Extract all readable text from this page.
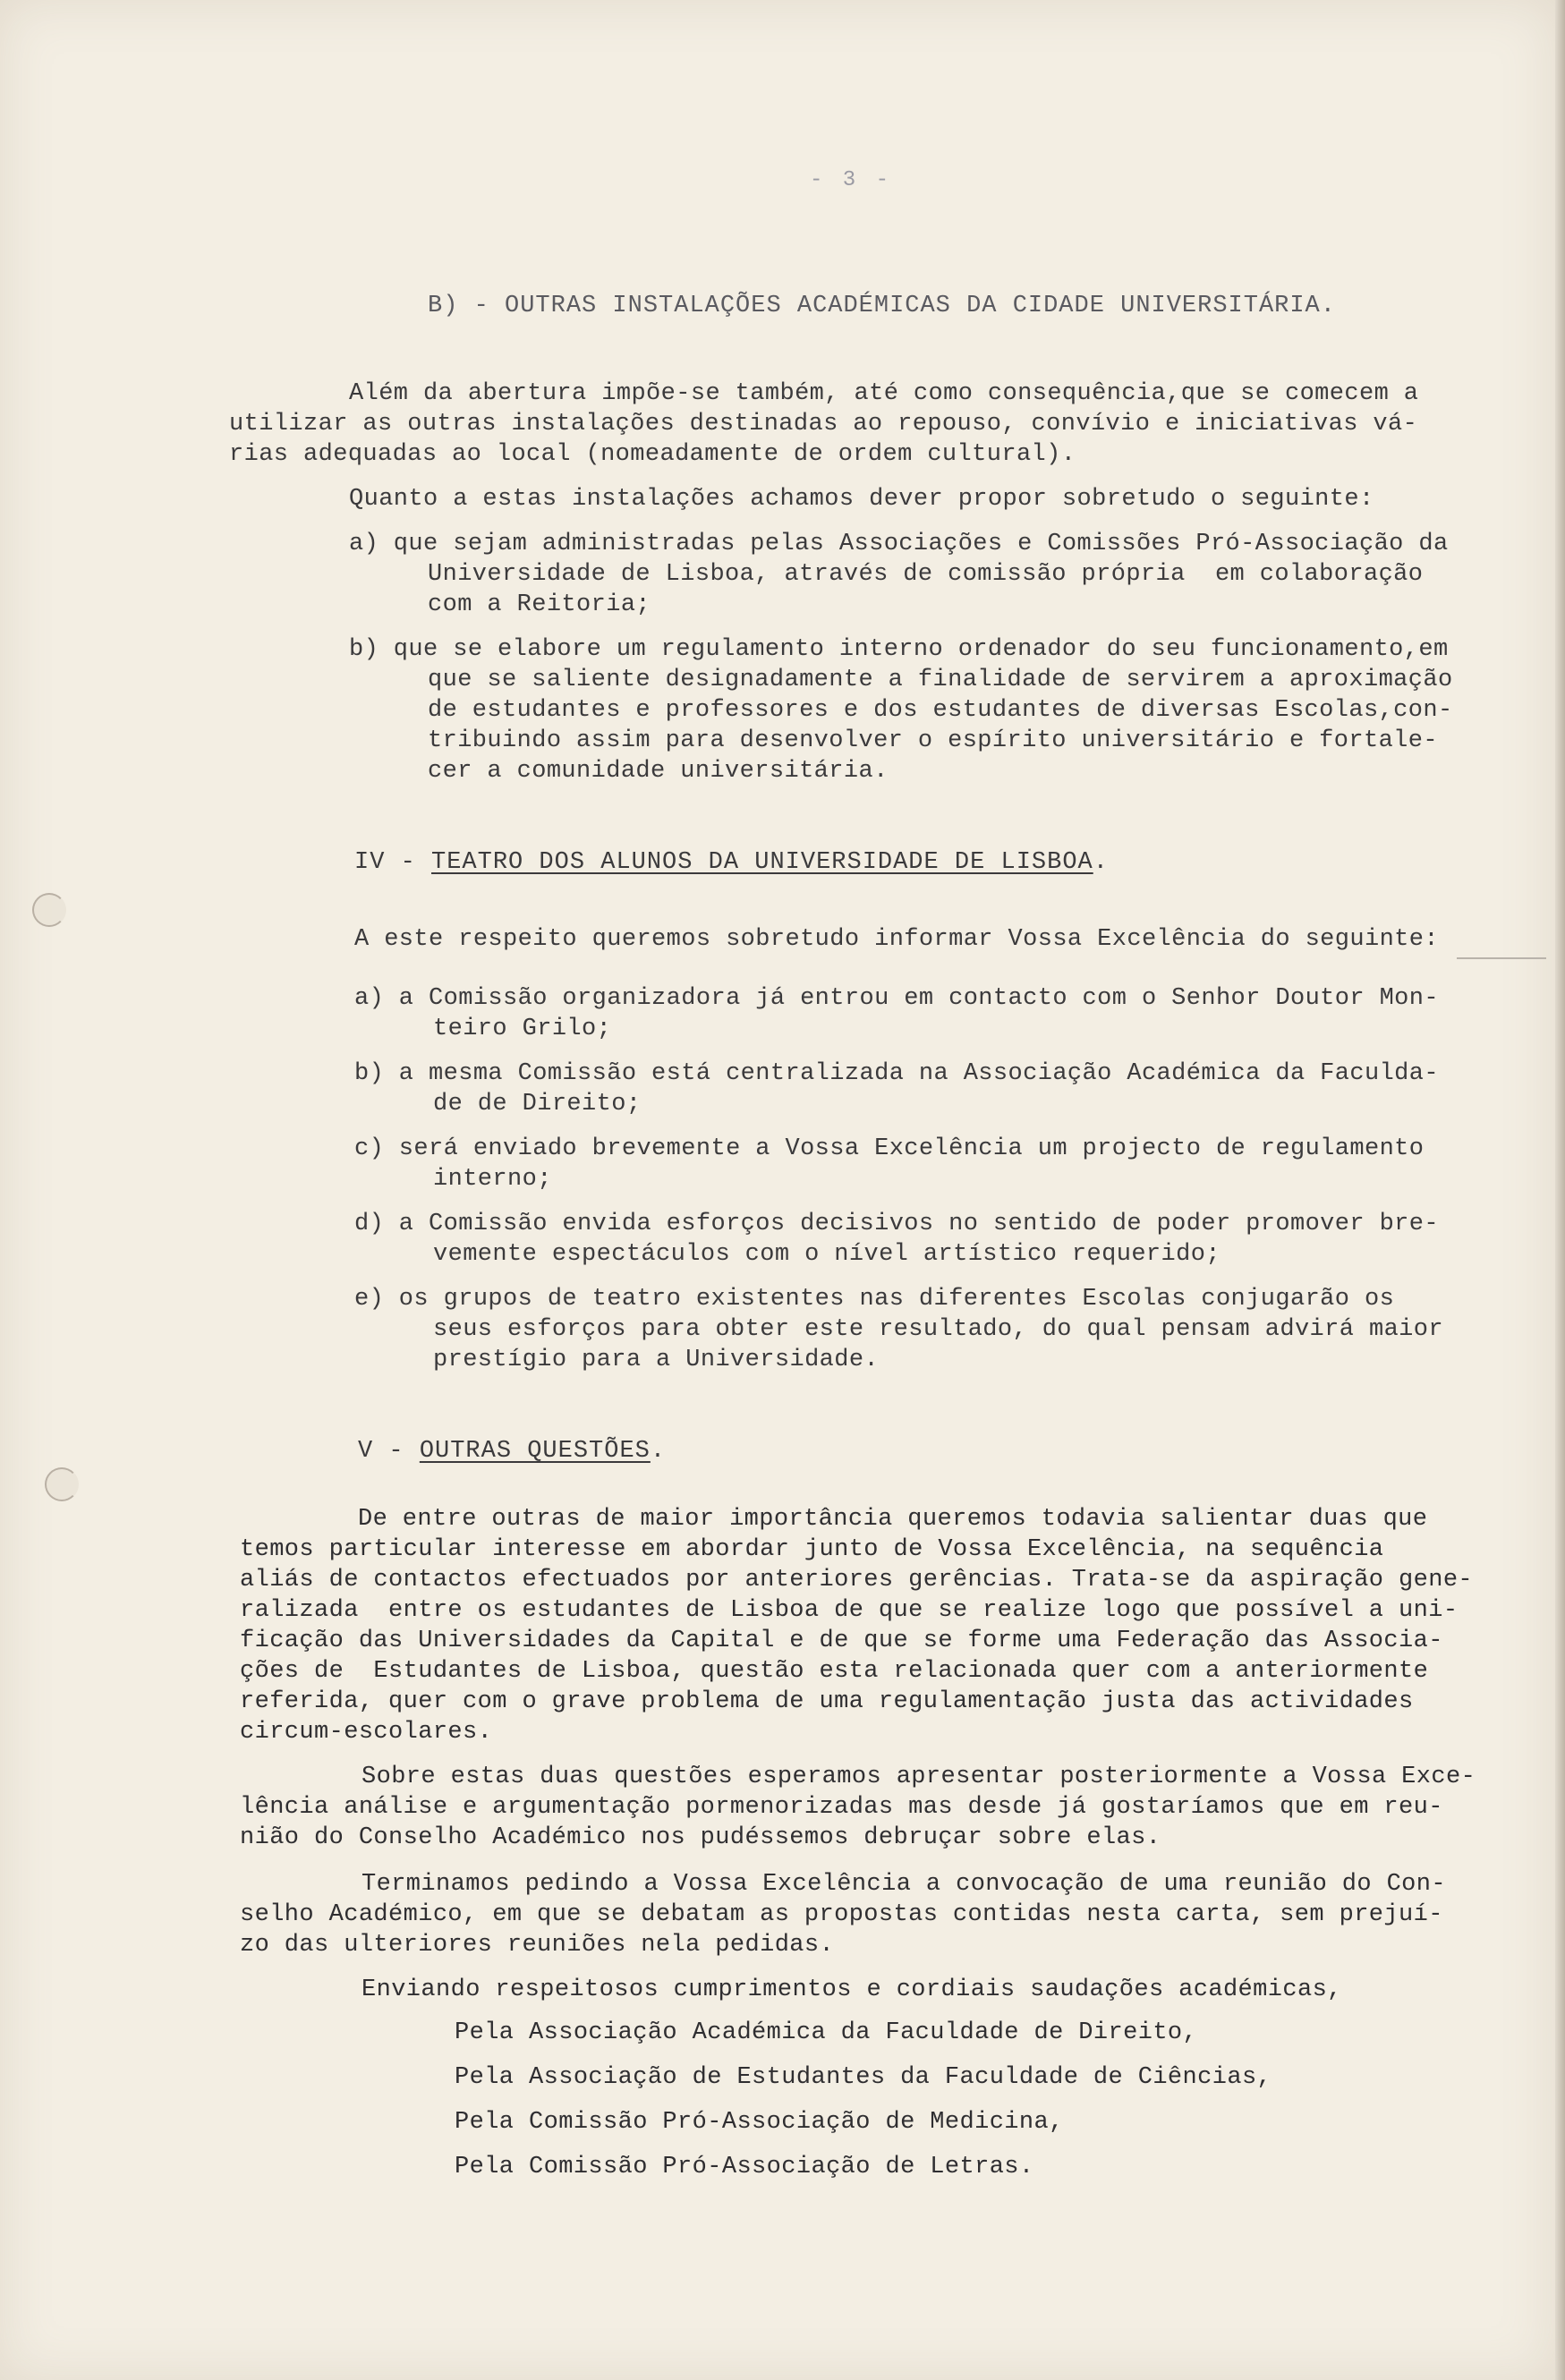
- 3 -
B) - OUTRAS INSTALAÇÕES ACADÉMICAS DA CIDADE UNIVERSITÁRIA.
Além da abertura impõe-se também, até como consequência,que se comecem a
utilizar as outras instalações destinadas ao repouso, convívio e iniciativas vá-
rias adequadas ao local (nomeadamente de ordem cultural).
Quanto a estas instalações achamos dever propor sobretudo o seguinte:
a) que sejam administradas pelas Associações e Comissões Pró-Associação da
Universidade de Lisboa, através de comissão própria  em colaboração
com a Reitoria;
b) que se elabore um regulamento interno ordenador do seu funcionamento,em
que se saliente designadamente a finalidade de servirem a aproximação
de estudantes e professores e dos estudantes de diversas Escolas,con-
tribuindo assim para desenvolver o espírito universitário e fortale-
cer a comunidade universitária.
IV - TEATRO DOS ALUNOS DA UNIVERSIDADE DE LISBOA.
A este respeito queremos sobretudo informar Vossa Excelência do seguinte:
a) a Comissão organizadora já entrou em contacto com o Senhor Doutor Mon-
teiro Grilo;
b) a mesma Comissão está centralizada na Associação Académica da Faculda-
de de Direito;
c) será enviado brevemente a Vossa Excelência um projecto de regulamento
interno;
d) a Comissão envida esforços decisivos no sentido de poder promover bre-
vemente espectáculos com o nível artístico requerido;
e) os grupos de teatro existentes nas diferentes Escolas conjugarão os
seus esforços para obter este resultado, do qual pensam advirá maior
prestígio para a Universidade.
V - OUTRAS QUESTÕES.
De entre outras de maior importância queremos todavia salientar duas que
temos particular interesse em abordar junto de Vossa Excelência, na sequência
aliás de contactos efectuados por anteriores gerências. Trata-se da aspiração gene-
ralizada  entre os estudantes de Lisboa de que se realize logo que possível a uni-
ficação das Universidades da Capital e de que se forme uma Federação das Associa-
ções de  Estudantes de Lisboa, questão esta relacionada quer com a anteriormente
referida, quer com o grave problema de uma regulamentação justa das actividades
circum-escolares.
Sobre estas duas questões esperamos apresentar posteriormente a Vossa Exce-
lência análise e argumentação pormenorizadas mas desde já gostaríamos que em reu-
nião do Conselho Académico nos pudéssemos debruçar sobre elas.
Terminamos pedindo a Vossa Excelência a convocação de uma reunião do Con-
selho Académico, em que se debatam as propostas contidas nesta carta, sem prejuí-
zo das ulteriores reuniões nela pedidas.
Enviando respeitosos cumprimentos e cordiais saudações académicas,
Pela Associação Académica da Faculdade de Direito,
Pela Associação de Estudantes da Faculdade de Ciências,
Pela Comissão Pró-Associação de Medicina,
Pela Comissão Pró-Associação de Letras.
